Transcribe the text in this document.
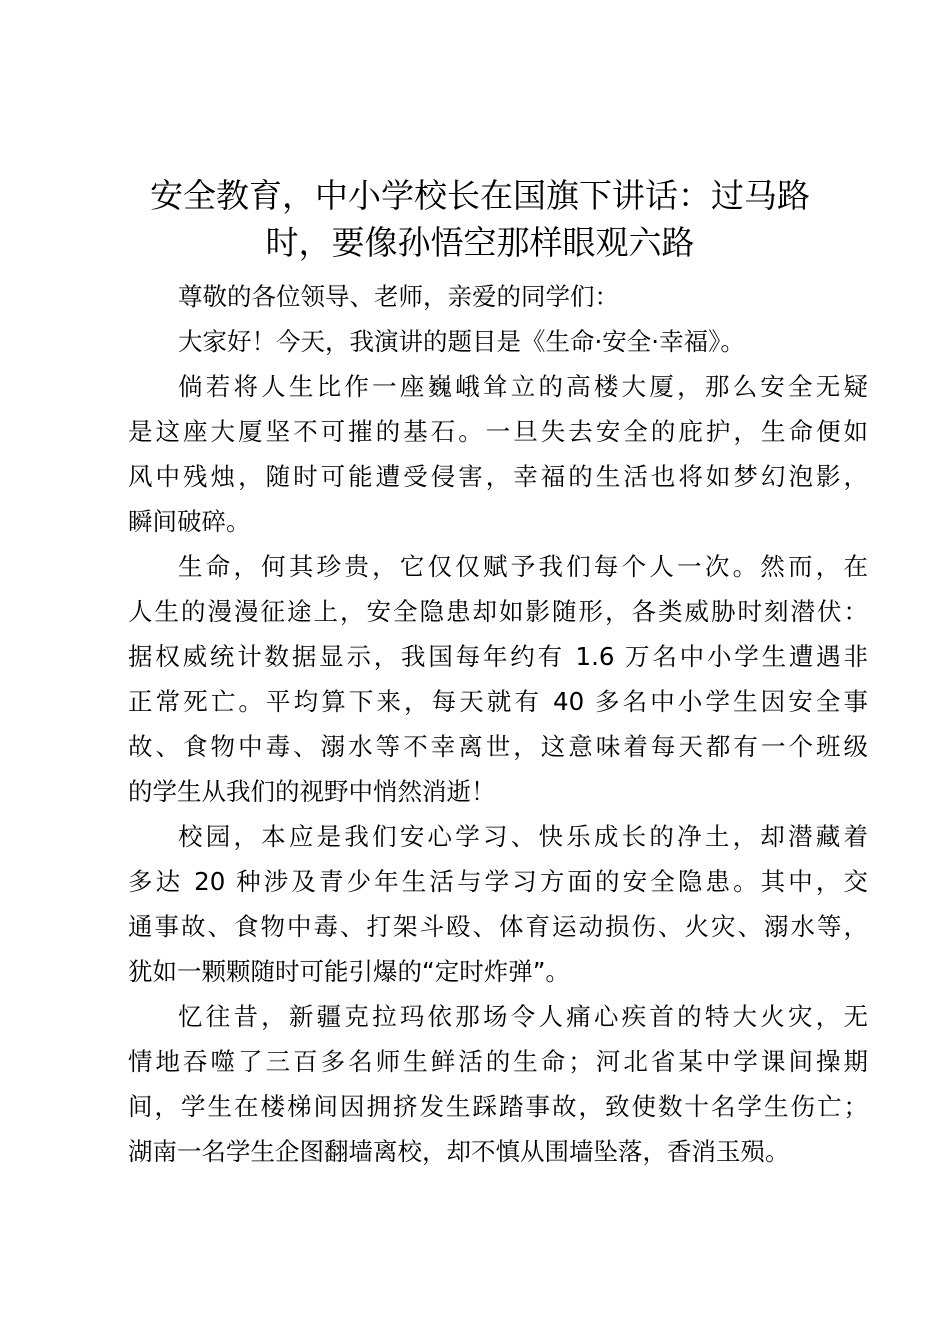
安全教育，中小学校长在国旗下讲话：过马路
时，要像孙悟空那样眼观六路

尊敬的各位领导、老师，亲爱的同学们：

大家好！今天，我演讲的题目是《生命·安全·幸福》。

倘若将人生比作一座巍峨耸立的高楼大厦，那么安全无疑
是这座大厦坚不可摧的基石。一旦失去安全的庇护，生命便如
风中残烛，随时可能遭受侵害，幸福的生活也将如梦幻泡影，
瞬间破碎。

生命，何其珍贵，它仅仅赋予我们每个人一次。然而，在
人生的漫漫征途上，安全隐患却如影随形，各类威胁时刻潜伏：
据权威统计数据显示，我国每年约有 1.6 万名中小学生遭遇非
正常死亡。平均算下来，每天就有 40 多名中小学生因安全事
故、食物中毒、溺水等不幸离世，这意味着每天都有一个班级
的学生从我们的视野中悄然消逝！

校园，本应是我们安心学习、快乐成长的净土，却潜藏着
多达 20 种涉及青少年生活与学习方面的安全隐患。其中，交
通事故、食物中毒、打架斗殴、体育运动损伤、火灾、溺水等，
犹如一颗颗随时可能引爆的“定时炸弹”。

忆往昔，新疆克拉玛依那场令人痛心疾首的特大火灾，无
情地吞噬了三百多名师生鲜活的生命；河北省某中学课间操期
间，学生在楼梯间因拥挤发生踩踏事故，致使数十名学生伤亡；
湖南一名学生企图翻墙离校，却不慎从围墙坠落，香消玉殒。
